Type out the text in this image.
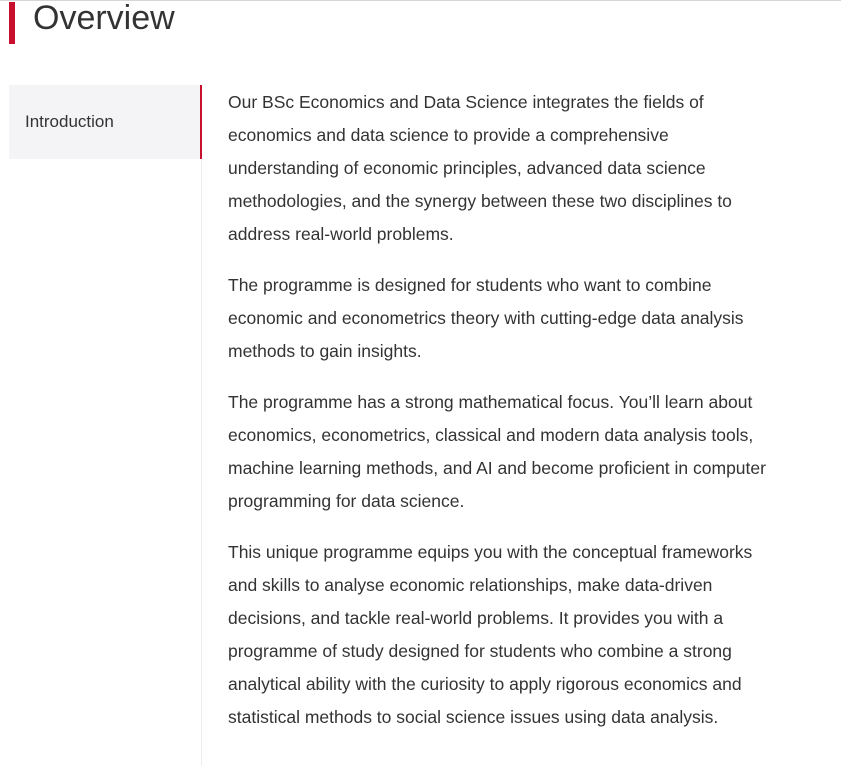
Overview
Introduction

Our BSc Economics and Data Science integrates the fields of economics and data science to provide a comprehensive understanding of economic principles, advanced data science methodologies, and the synergy between these two disciplines to address real-world problems.

The programme is designed for students who want to combine economic and econometrics theory with cutting-edge data analysis methods to gain insights.

The programme has a strong mathematical focus. You’ll learn about economics, econometrics, classical and modern data analysis tools, machine learning methods, and AI and become proficient in computer programming for data science.

This unique programme equips you with the conceptual frameworks and skills to analyse economic relationships, make data-driven decisions, and tackle real-world problems. It provides you with a programme of study designed for students who combine a strong analytical ability with the curiosity to apply rigorous economics and statistical methods to social science issues using data analysis.
